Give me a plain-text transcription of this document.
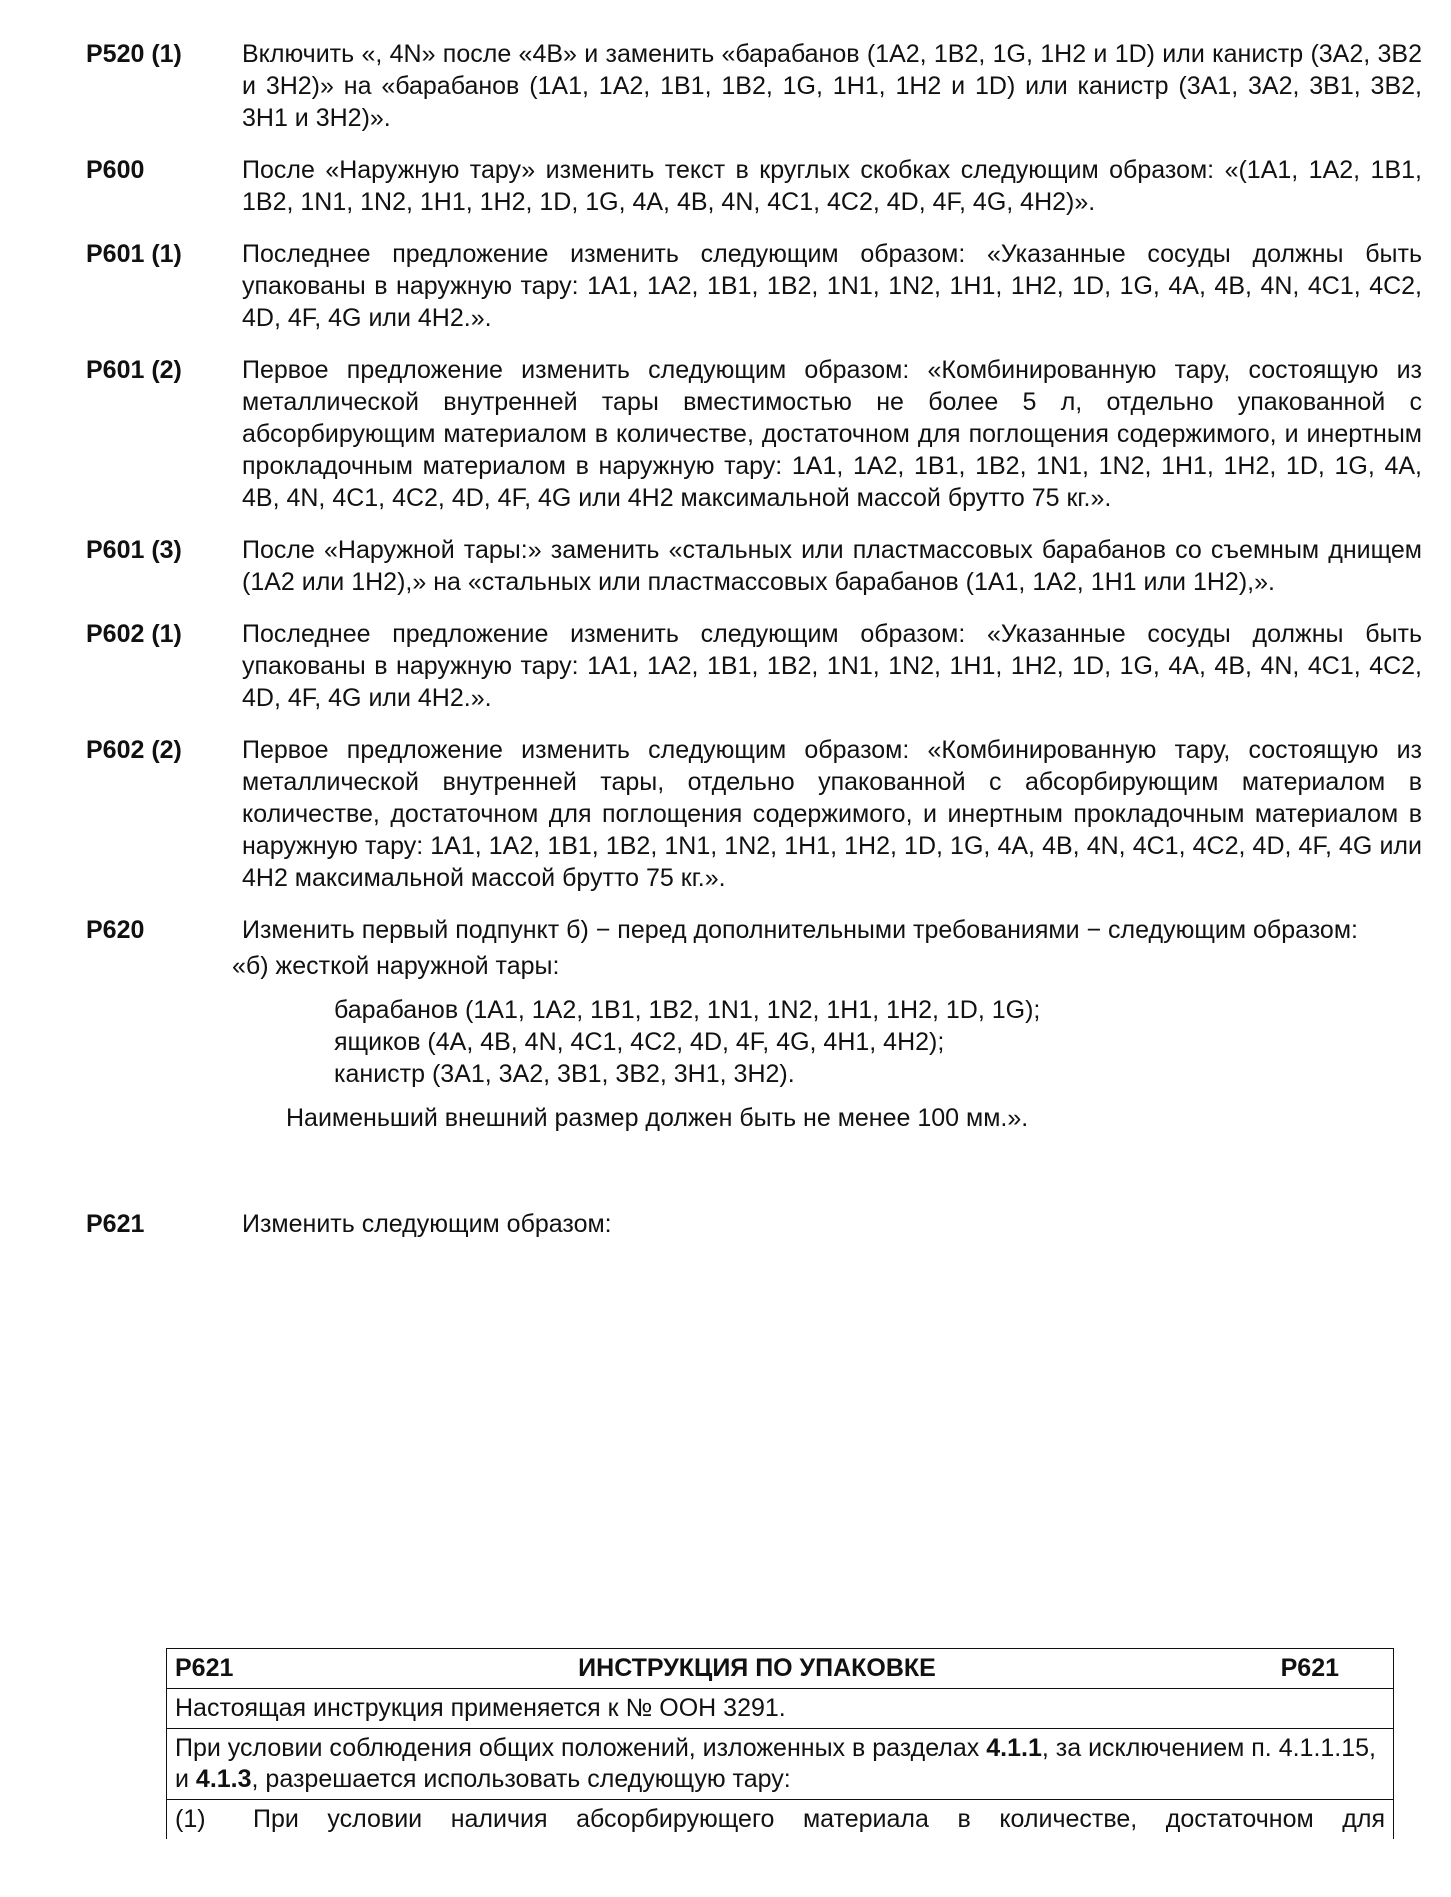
P520 (1)	Включить «, 4N» после «4B» и заменить «барабанов (1A2, 1B2, 1G, 1H2 и 1D) или канистр (3A2, 3B2 и 3H2)» на «барабанов (1A1, 1A2, 1B1, 1B2, 1G, 1H1, 1H2 и 1D) или канистр (3A1, 3A2, 3B1, 3B2, 3H1 и 3H2)».
P600	После «Наружную тару» изменить текст в круглых скобках следующим образом: «(1A1, 1A2, 1B1, 1B2, 1N1, 1N2, 1H1, 1H2, 1D, 1G, 4A, 4B, 4N, 4C1, 4C2, 4D, 4F, 4G, 4H2)».
P601 (1)	Последнее предложение изменить следующим образом: «Указанные сосуды должны быть упакованы в наружную тару: 1A1, 1A2, 1B1, 1B2, 1N1, 1N2, 1H1, 1H2, 1D, 1G, 4A, 4B, 4N, 4C1, 4C2, 4D, 4F, 4G или 4H2.».
P601 (2)	Первое предложение изменить следующим образом: «Комбинированную тару, состоящую из металлической внутренней тары вместимостью не более 5 л, отдельно упакованной с абсорбирующим материалом в количестве, достаточном для поглощения содержимого, и инертным прокладочным материалом в наружную тару: 1A1, 1A2, 1B1, 1B2, 1N1, 1N2, 1H1, 1H2, 1D, 1G, 4A, 4B, 4N, 4C1, 4C2, 4D, 4F, 4G или 4H2 максимальной массой брутто 75 кг.».
P601 (3)	После «Наружной тары:» заменить «стальных или пластмассовых барабанов со съемным днищем (1A2 или 1H2),» на «стальных или пластмассовых барабанов (1A1, 1A2, 1H1 или 1H2),».
P602 (1)	Последнее предложение изменить следующим образом: «Указанные сосуды должны быть упакованы в наружную тару: 1A1, 1A2, 1B1, 1B2, 1N1, 1N2, 1H1, 1H2, 1D, 1G, 4A, 4B, 4N, 4C1, 4C2, 4D, 4F, 4G или 4H2.».
P602 (2)	Первое предложение изменить следующим образом: «Комбинированную тару, состоящую из металлической внутренней тары, отдельно упакованной с абсорбирующим материалом в количестве, достаточном для поглощения содержимого, и инертным прокладочным материалом в наружную тару: 1A1, 1A2, 1B1, 1B2, 1N1, 1N2, 1H1, 1H2, 1D, 1G, 4A, 4B, 4N, 4C1, 4C2, 4D, 4F, 4G или 4H2 максимальной массой брутто 75 кг.».
P620	Изменить первый подпункт б) − перед дополнительными требованиями − следующим образом:
«б) жесткой наружной тары:
барабанов (1A1, 1A2, 1B1, 1B2, 1N1, 1N2, 1H1, 1H2, 1D, 1G);
ящиков (4A, 4B, 4N, 4C1, 4C2, 4D, 4F, 4G, 4H1, 4H2);
канистр (3A1, 3A2, 3B1, 3B2, 3H1, 3H2).
Наименьший внешний размер должен быть не менее 100 мм.».
P621	Изменить следующим образом:
P621	ИНСТРУКЦИЯ ПО УПАКОВКЕ	P621

Настоящая инструкция применяется к № ООН 3291.
При условии соблюдения общих положений, изложенных в разделах 4.1.1, за исключением п. 4.1.1.15, и 4.1.3, разрешается использовать следующую тару:

(1)	При условии наличия абсорбирующего материала в количестве, достаточном для
